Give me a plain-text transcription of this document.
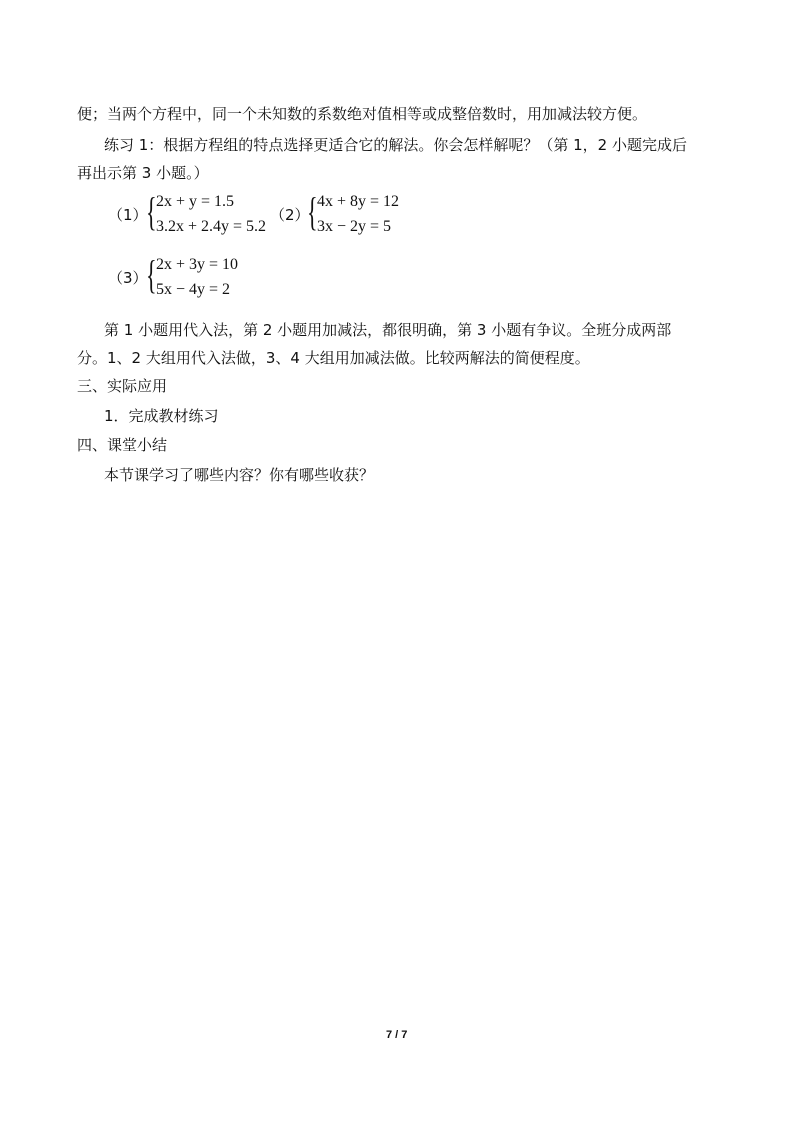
便；当两个方程中，同一个未知数的系数绝对值相等或成整倍数时，用加减法较方便。
练习 1：根据方程组的特点选择更适合它的解法。你会怎样解呢？（第 1，2 小题完成后
再出示第 3 小题。）
（1）
{ 2x + y = 1.5
3.2x + 2.4y = 5.2
（2）
{ 4x + 8y = 12
3x − 2y = 5
（3）
{ 2x + 3y = 10
5x − 4y = 2
第 1 小题用代入法，第 2 小题用加减法，都很明确，第 3 小题有争议。全班分成两部
分。1、2 大组用代入法做，3、4 大组用加减法做。比较两解法的简便程度。
三、实际应用
1．完成教材练习
四、课堂小结
本节课学习了哪些内容？你有哪些收获？
7 / 7
